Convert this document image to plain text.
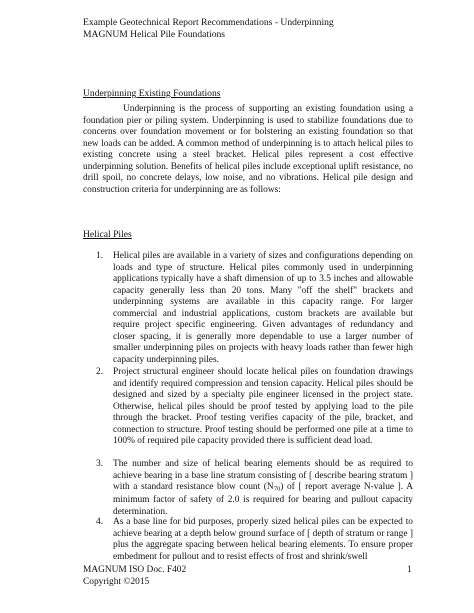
Example Geotechnical Report Recommendations - Underpinning
MAGNUM Helical Pile Foundations
Underpinning Existing Foundations

Underpinning is the process of supporting an existing foundation using a foundation pier or piling system. Underpinning is used to stabilize foundations due to concerns over foundation movement or for bolstering an existing foundation so that new loads can be added. A common method of underpinning is to attach helical piles to existing concrete using a steel bracket. Helical piles represent a cost effective underpinning solution. Benefits of helical piles include exceptional uplift resistance, no drill spoil, no concrete delays, low noise, and no vibrations. Helical pile design and construction criteria for underpinning are as follows:

Helical Piles
1. Helical piles are available in a variety of sizes and configurations depending on loads and type of structure. Helical piles commonly used in underpinning applications typically have a shaft dimension of up to 3.5 inches and allowable capacity generally less than 20 tons. Many "off the shelf" brackets and underpinning systems are available in this capacity range. For larger commercial and industrial applications, custom brackets are available but require project specific engineering. Given advantages of redundancy and closer spacing, it is generally more dependable to use a larger number of smaller underpinning piles on projects with heavy loads rather than fewer high capacity underpinning piles.
2. Project structural engineer should locate helical piles on foundation drawings and identify required compression and tension capacity. Helical piles should be designed and sized by a specialty pile engineer licensed in the project state. Otherwise, helical piles should be proof tested by applying load to the pile through the bracket. Proof testing verifies capacity of the pile, bracket, and connection to structure. Proof testing should be performed one pile at a time to 100% of required pile capacity provided there is sufficient dead load.
3. The number and size of helical bearing elements should be as required to achieve bearing in a base line stratum consisting of [ describe bearing stratum ] with a standard resistance blow count $(N_{70})$ of [ report average N-value ]. A minimum factor of safety of 2.0 is required for bearing and pullout capacity determination.
4. As a base line for bid purposes, properly sized helical piles can be expected to achieve bearing at a depth below ground surface of [ depth of stratum or range ] plus the aggregate spacing between helical bearing elements. To ensure proper embedment for pullout and to resist effects of frost and shrink/swell
MAGNUM ISO Doc. F402
Copyright ©2015
1
